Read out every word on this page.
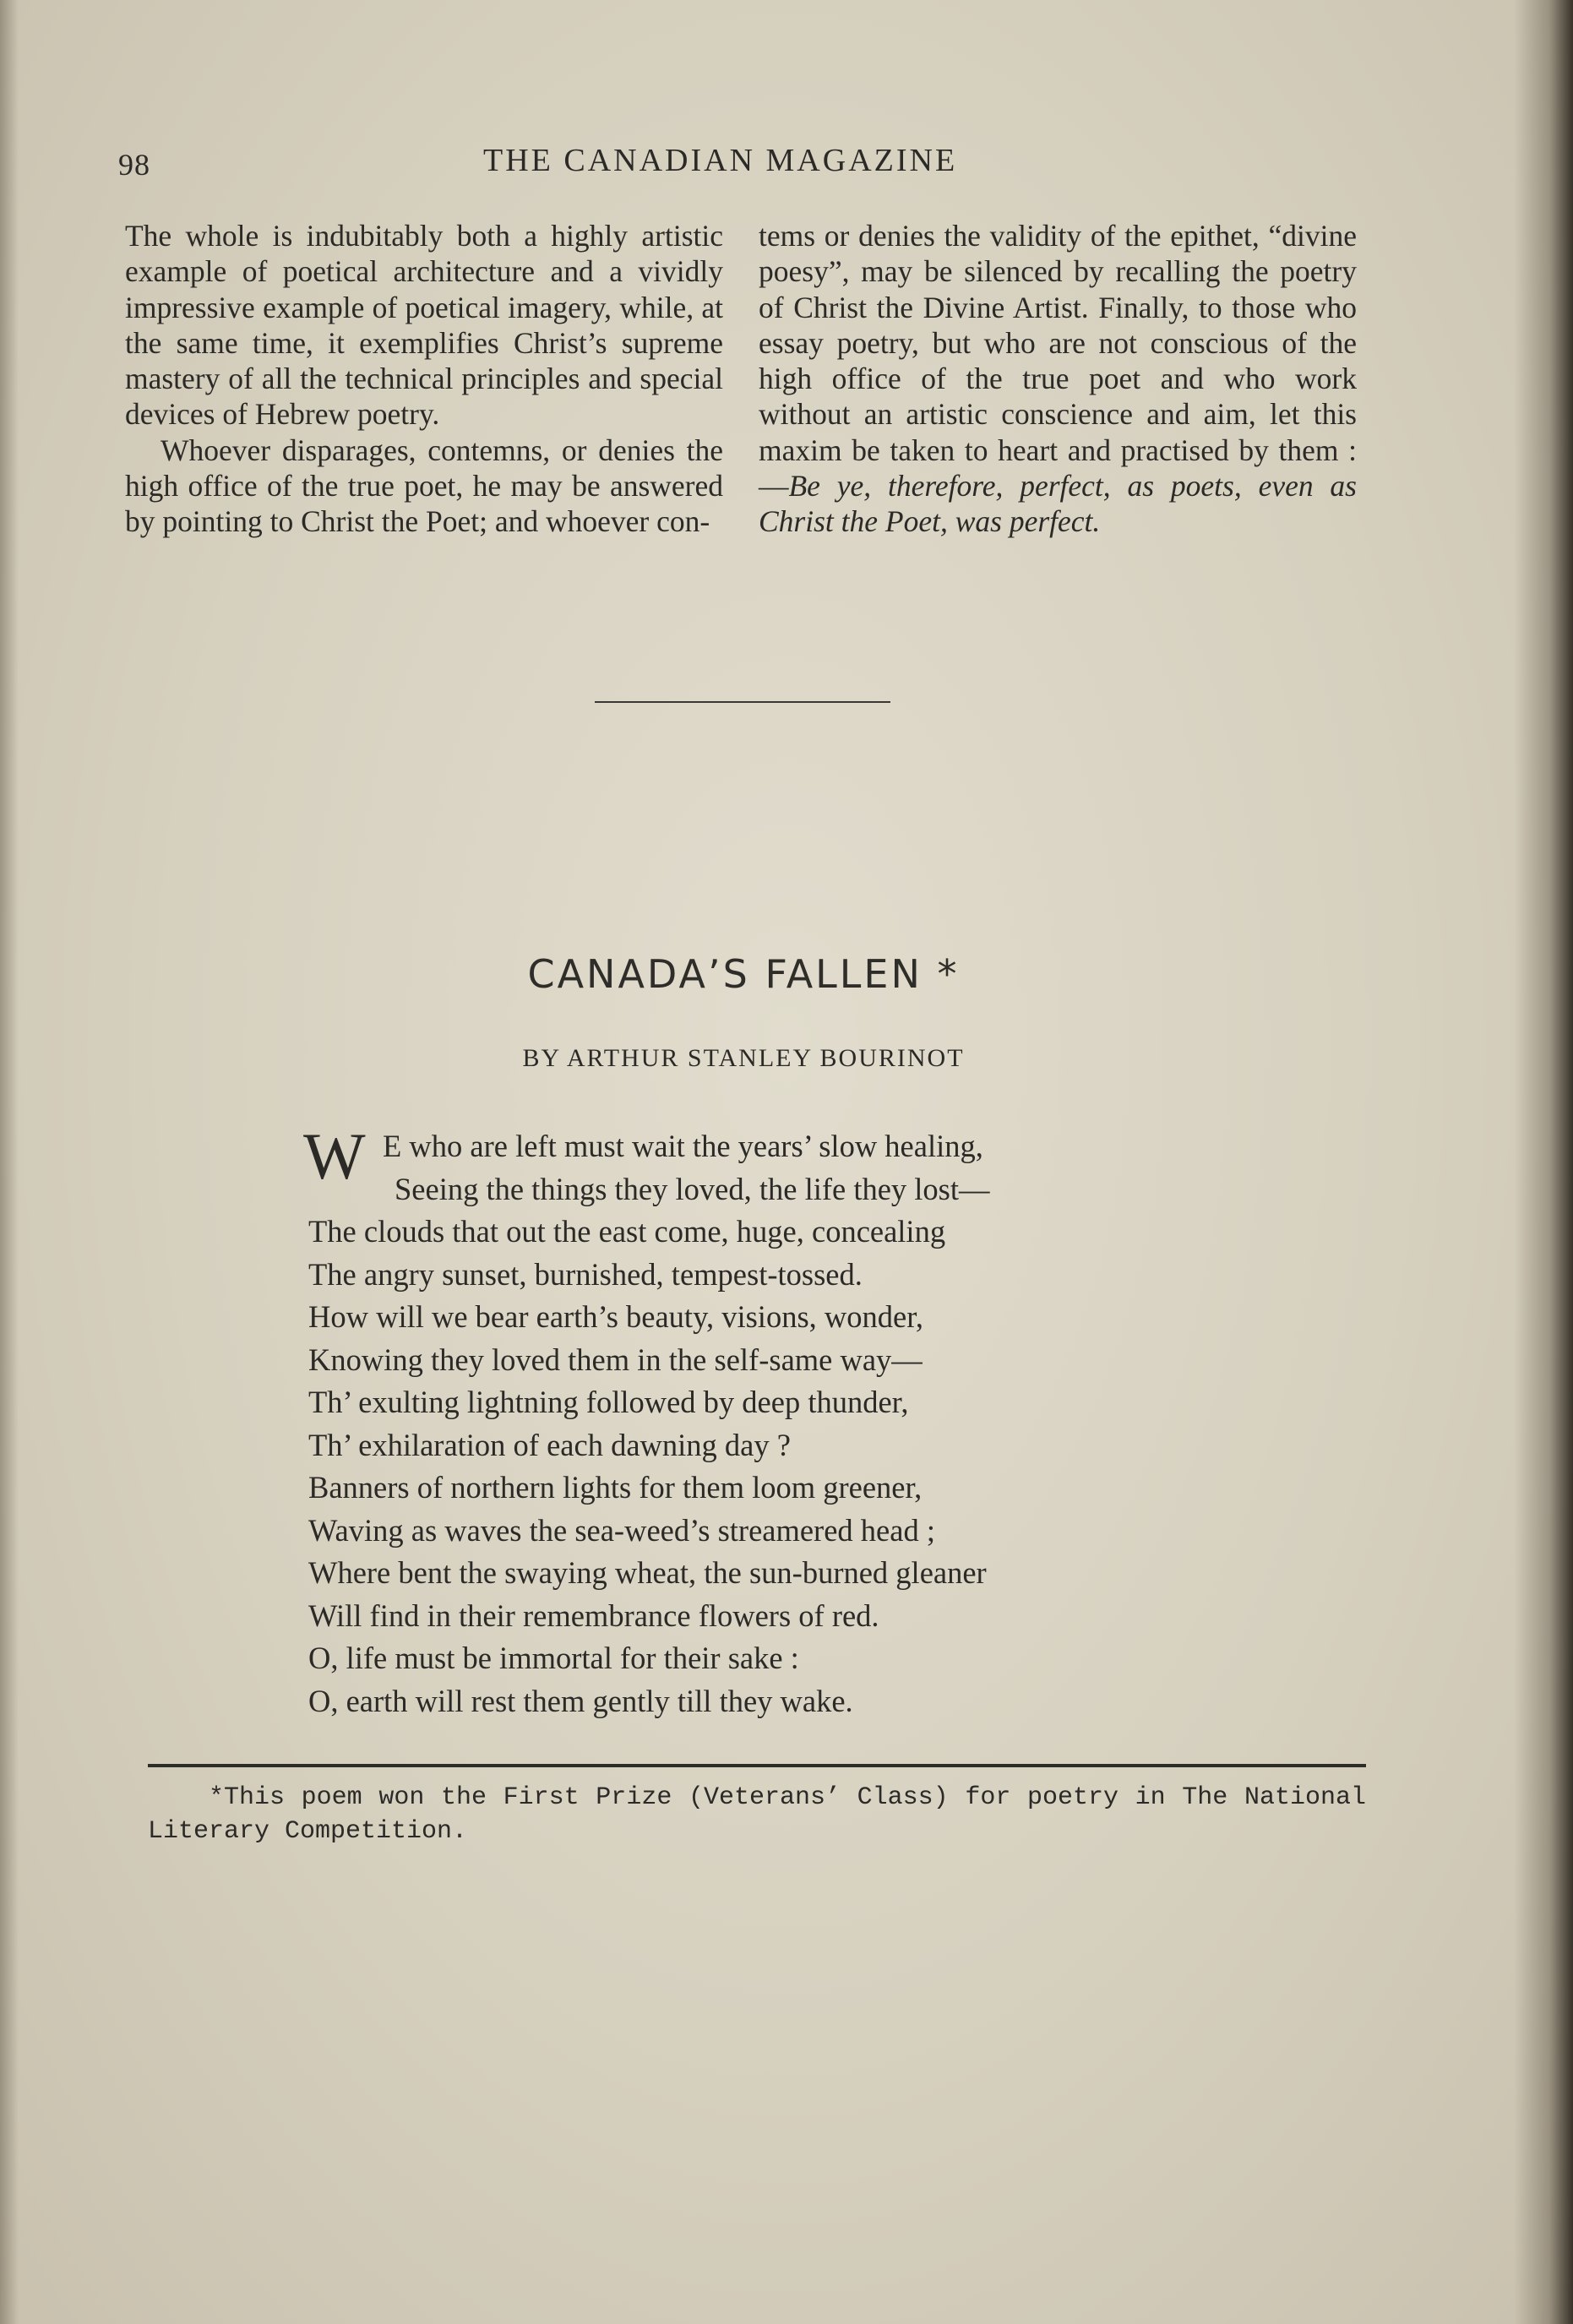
98	THE CANADIAN MAGAZINE

The whole is indubitably both a highly artistic example of poetical architecture and a vividly impressive example of poetical imagery, while, at the same time, it exemplifies Christ’s supreme mastery of all the technical principles and special devices of Hebrew poetry.

Whoever disparages, contemns, or denies the high office of the true poet, he may be answered by pointing to Christ the Poet; and whoever con-

tems or denies the validity of the epithet, “divine poesy”, may be silenced by recalling the poetry of Christ the Divine Artist. Finally, to those who essay poetry, but who are not conscious of the high office of the true poet and who work without an artistic conscience and aim, let this maxim be taken to heart and practised by them :—Be ye, therefore, perfect, as poets, even as Christ the Poet, was perfect.

CANADA’S FALLEN *
BY ARTHUR STANLEY BOURINOT
W E who are left must wait the years’ slow healing,
Seeing the things they loved, the life they lost—
The clouds that out the east come, huge, concealing
The angry sunset, burnished, tempest-tossed.
How will we bear earth’s beauty, visions, wonder,
Knowing they loved them in the self-same way—
Th’ exulting lightning followed by deep thunder,
Th’ exhilaration of each dawning day ?
Banners of northern lights for them loom greener,
Waving as waves the sea-weed’s streamered head ;
Where bent the swaying wheat, the sun-burned gleaner
Will find in their remembrance flowers of red.
O, life must be immortal for their sake :
O, earth will rest them gently till they wake.
*This poem won the First Prize (Veterans’ Class) for poetry in The National Literary Competition.
